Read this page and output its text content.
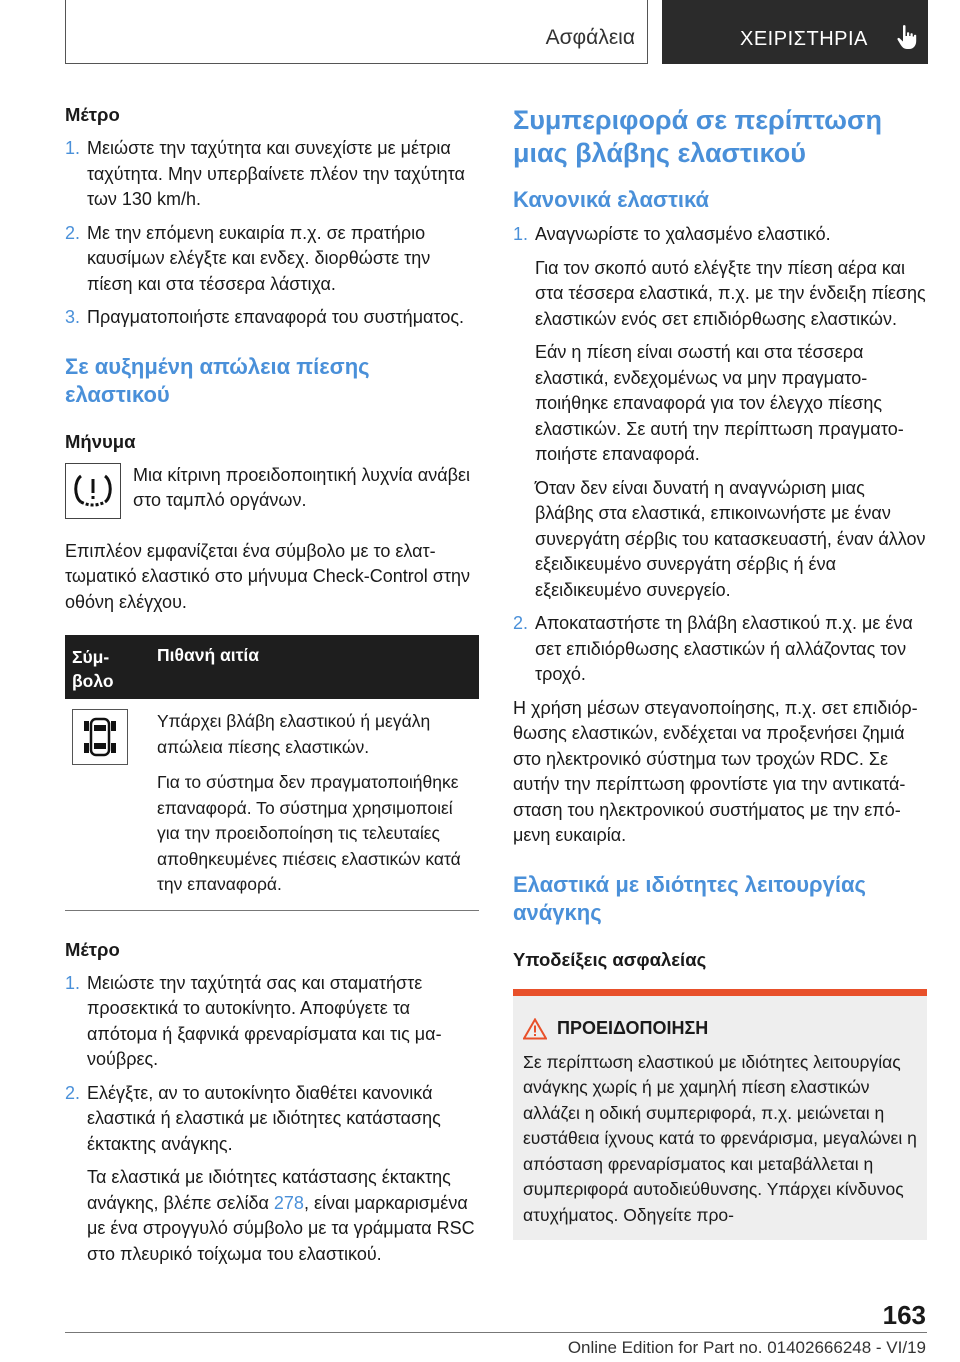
Ασφάλεια	ΧΕΙΡΙΣΤΗΡΙΑ
Μέτρο
1. Μειώστε την ταχύτητα και συνεχίστε με μέτρια ταχύτητα. Μην υπερβαίνετε πλέον την ταχύτητα των 130 km/h.
2. Με την επόμενη ευκαιρία π.χ. σε πρατήριο καυσίμων ελέγξτε και ενδεχ. διορθώστε την πίεση και στα τέσσερα λάστιχα.
3. Πραγματοποιήστε επαναφορά του συστήματος.
Σε αυξημένη απώλεια πίεσης ελαστικού
Μήνυμα
Μια κίτρινη προειδοποιητική λυχνία ανάβει στο ταμπλό οργάνων.
Επιπλέον εμφανίζεται ένα σύμβολο με το ελαττωματικό ελαστικό στο μήνυμα Check-Control στην οθόνη ελέγχου.
Σύμβολο
Πιθανή αιτία
Υπάρχει βλάβη ελαστικού ή μεγάλη απώλεια πίεσης ελαστικών.
Για το σύστημα δεν πραγματοποιήθηκε επαναφορά. Το σύστημα χρησιμοποιεί για την προειδοποίηση τις τελευταίες αποθηκευμένες πιέσεις ελαστικών κατά την επαναφορά.
Μέτρο
1. Μειώστε την ταχύτητά σας και σταματήστε προσεκτικά το αυτοκίνητο. Αποφύγετε τα απότομα ή ξαφνικά φρεναρίσματα και τις μανούβρες.
2. Ελέγξτε, αν το αυτοκίνητο διαθέτει κανονικά ελαστικά ή ελαστικά με ιδιότητες κατάστασης έκτακτης ανάγκης.
Τα ελαστικά με ιδιότητες κατάστασης έκτακτης ανάγκης, βλέπε σελίδα 278, είναι μαρκαρισμένα με ένα στρογγυλό σύμβολο με τα γράμματα RSC στο πλευρικό τοίχωμα του ελαστικού.
Συμπεριφορά σε περίπτωση μιας βλάβης ελαστικού
Κανονικά ελαστικά
1. Αναγνωρίστε το χαλασμένο ελαστικό.
Για τον σκοπό αυτό ελέγξτε την πίεση αέρα και στα τέσσερα ελαστικά, π.χ. με την ένδειξη πίεσης ελαστικών ενός σετ επιδιόρθωσης ελαστικών.
Εάν η πίεση είναι σωστή και στα τέσσερα ελαστικά, ενδεχομένως να μην πραγματοποιήθηκε επαναφορά για τον έλεγχο πίεσης ελαστικών. Σε αυτή την περίπτωση πραγματοποιήστε επαναφορά.
Όταν δεν είναι δυνατή η αναγνώριση μιας βλάβης στα ελαστικά, επικοινωνήστε με έναν συνεργάτη σέρβις του κατασκευαστή, έναν άλλον εξειδικευμένο συνεργάτη σέρβις ή ένα εξειδικευμένο συνεργείο.
2. Αποκαταστήστε τη βλάβη ελαστικού π.χ. με ένα σετ επιδιόρθωσης ελαστικών ή αλλάζοντας τον τροχό.
Η χρήση μέσων στεγανοποίησης, π.χ. σετ επιδιόρθωσης ελαστικών, ενδέχεται να προξενήσει ζημιά στο ηλεκτρονικό σύστημα των τροχών RDC. Σε αυτήν την περίπτωση φροντίστε για την αντικατάσταση του ηλεκτρονικού συστήματος με την επόμενη ευκαιρία.
Ελαστικά με ιδιότητες λειτουργίας ανάγκης
Υποδείξεις ασφαλείας
ΠΡΟΕΙΔΟΠΟΙΗΣΗ
Σε περίπτωση ελαστικού με ιδιότητες λειτουργίας ανάγκης χωρίς ή με χαμηλή πίεση ελαστικών αλλάζει η οδική συμπεριφορά, π.χ. μειώνεται η ευστάθεια ίχνους κατά το φρενάρισμα, μεγαλώνει η απόσταση φρεναρίσματος και μεταβάλλεται η συμπεριφορά αυτοδιεύθυνσης. Υπάρχει κίνδυνος ατυχήματος. Οδηγείτε προ-
163
Online Edition for Part no. 01402666248 - VI/19
